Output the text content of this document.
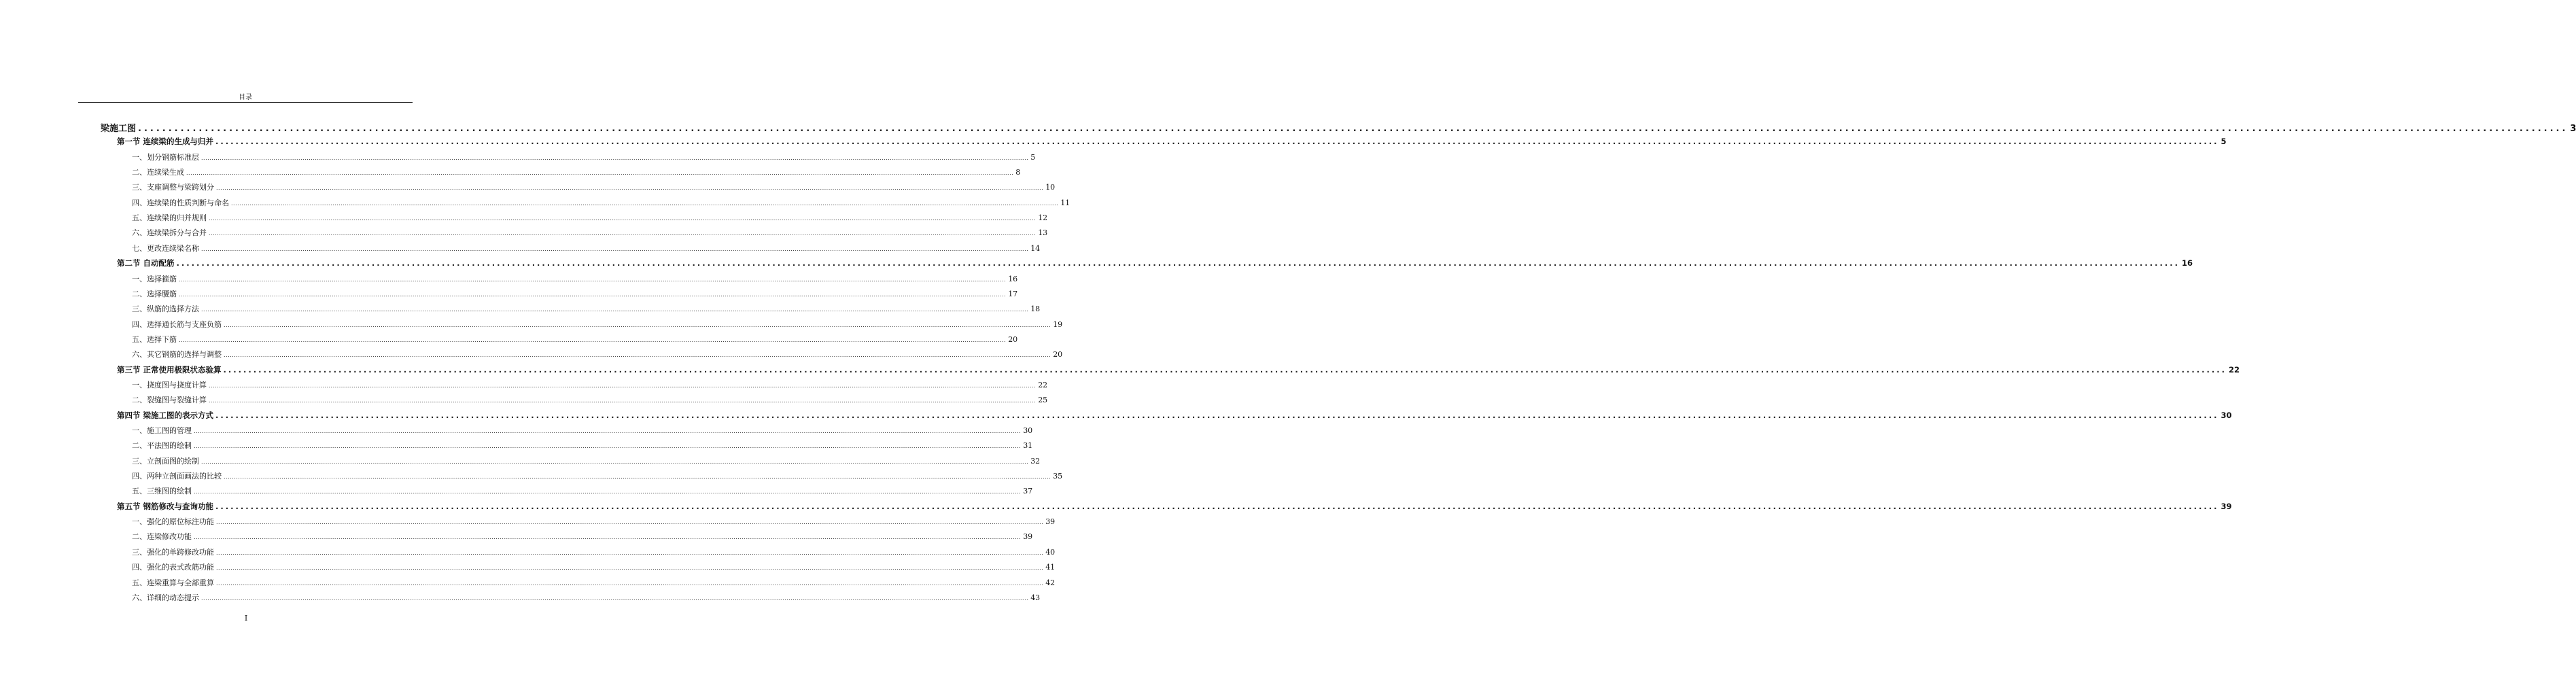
目录
梁施工图 ................................................................................................................................................................................................................................................................................................................................................................................................................ 3
第一节 连续梁的生成与归并 ................................................................................................................................................................................................................................................................................................................................................................................................................ 5
一、划分钢筋标准层 ................................................................................................................................................................................................................................................................................................................................................................................................................ 5
二、连续梁生成 ................................................................................................................................................................................................................................................................................................................................................................................................................ 8
三、支座调整与梁跨划分 ................................................................................................................................................................................................................................................................................................................................................................................................................ 10
四、连续梁的性质判断与命名 ................................................................................................................................................................................................................................................................................................................................................................................................................ 11
五、连续梁的归并规则 ................................................................................................................................................................................................................................................................................................................................................................................................................ 12
六、连续梁拆分与合并 ................................................................................................................................................................................................................................................................................................................................................................................................................ 13
七、更改连续梁名称 ................................................................................................................................................................................................................................................................................................................................................................................................................ 14
第二节 自动配筋 ................................................................................................................................................................................................................................................................................................................................................................................................................ 16
一、选择箍筋 ................................................................................................................................................................................................................................................................................................................................................................................................................ 16
二、选择腰筋 ................................................................................................................................................................................................................................................................................................................................................................................................................ 17
三、纵筋的选择方法 ................................................................................................................................................................................................................................................................................................................................................................................................................ 18
四、选择通长筋与支座负筋 ................................................................................................................................................................................................................................................................................................................................................................................................................ 19
五、选择下筋 ................................................................................................................................................................................................................................................................................................................................................................................................................ 20
六、其它钢筋的选择与调整 ................................................................................................................................................................................................................................................................................................................................................................................................................ 20
第三节 正常使用极限状态验算 ................................................................................................................................................................................................................................................................................................................................................................................................................ 22
一、挠度图与挠度计算 ................................................................................................................................................................................................................................................................................................................................................................................................................ 22
二、裂缝图与裂缝计算 ................................................................................................................................................................................................................................................................................................................................................................................................................ 25
第四节 梁施工图的表示方式 ................................................................................................................................................................................................................................................................................................................................................................................................................ 30
一、施工图的管理 ................................................................................................................................................................................................................................................................................................................................................................................................................ 30
二、平法图的绘制 ................................................................................................................................................................................................................................................................................................................................................................................................................ 31
三、立剖面图的绘制 ................................................................................................................................................................................................................................................................................................................................................................................................................ 32
四、两种立剖面画法的比较 ................................................................................................................................................................................................................................................................................................................................................................................................................ 35
五、三维图的绘制 ................................................................................................................................................................................................................................................................................................................................................................................................................ 37
第五节 钢筋修改与查询功能 ................................................................................................................................................................................................................................................................................................................................................................................................................ 39
一、强化的原位标注功能 ................................................................................................................................................................................................................................................................................................................................................................................................................ 39
二、连梁修改功能 ................................................................................................................................................................................................................................................................................................................................................................................................................ 39
三、强化的单跨修改功能 ................................................................................................................................................................................................................................................................................................................................................................................................................ 40
四、强化的表式改筋功能 ................................................................................................................................................................................................................................................................................................................................................................................................................ 41
五、连梁重算与全部重算 ................................................................................................................................................................................................................................................................................................................................................................................................................ 42
六、详细的动态提示 ................................................................................................................................................................................................................................................................................................................................................................................................................ 43
I
